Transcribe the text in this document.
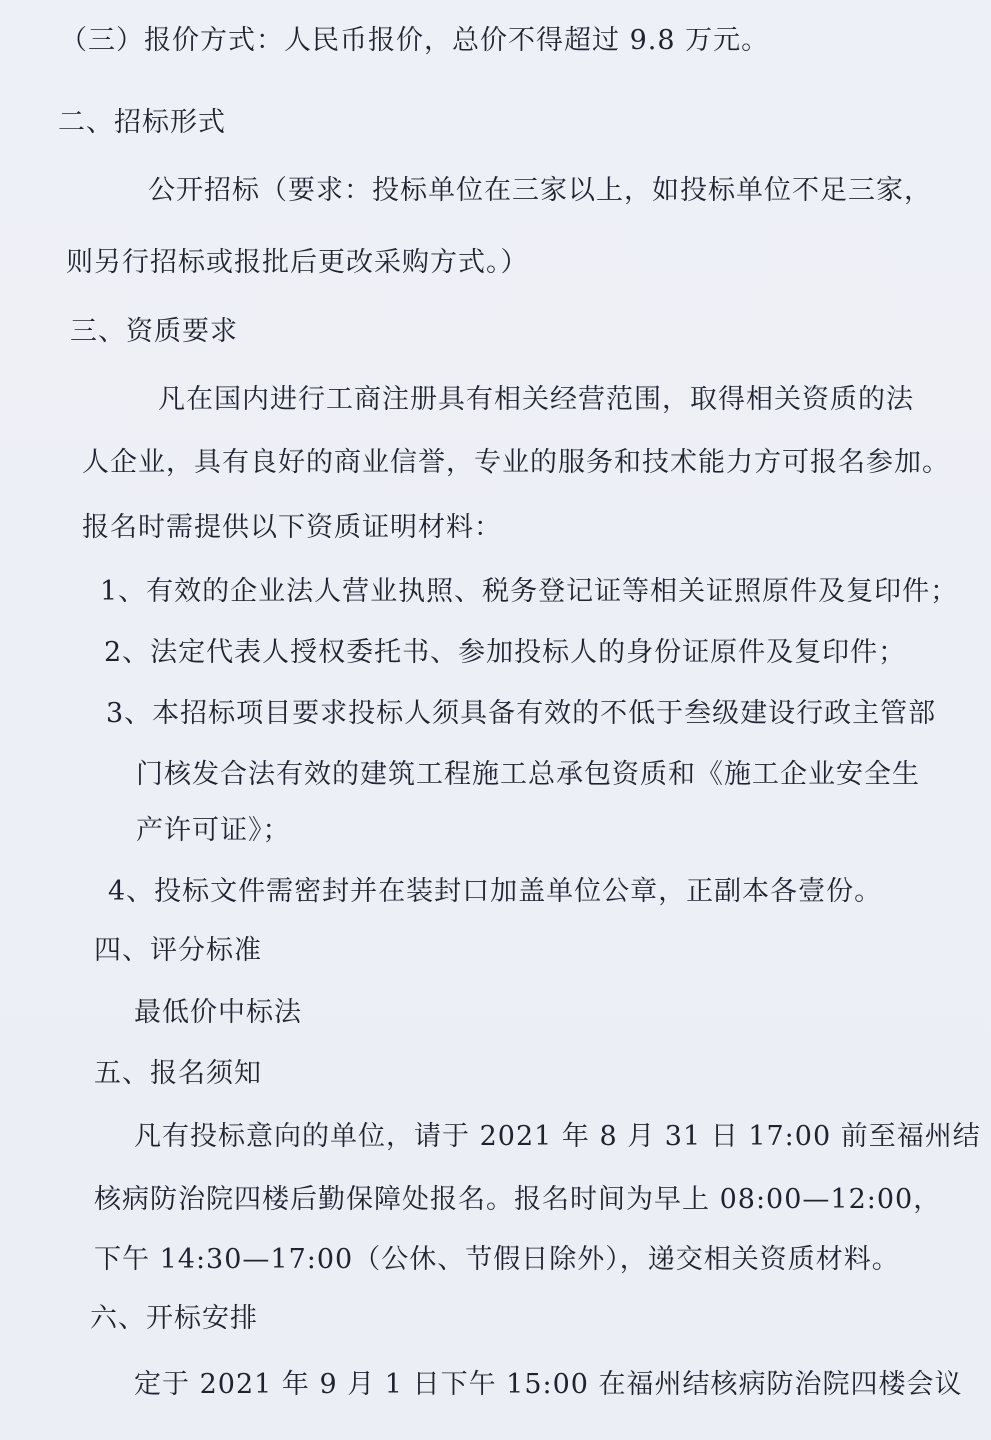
（三）报价方式：人民币报价，总价不得超过 9.8 万元。
二、招标形式
公开招标（要求：投标单位在三家以上，如投标单位不足三家，
则另行招标或报批后更改采购方式。）
三、资质要求
凡在国内进行工商注册具有相关经营范围，取得相关资质的法
人企业，具有良好的商业信誉，专业的服务和技术能力方可报名参加。
报名时需提供以下资质证明材料：
1、有效的企业法人营业执照、税务登记证等相关证照原件及复印件；
2、法定代表人授权委托书、参加投标人的身份证原件及复印件；
3、本招标项目要求投标人须具备有效的不低于叁级建设行政主管部
门核发合法有效的建筑工程施工总承包资质和《施工企业安全生
产许可证》；
4、投标文件需密封并在装封口加盖单位公章，正副本各壹份。
四、评分标准
最低价中标法
五、报名须知
凡有投标意向的单位，请于 2021 年 8 月 31 日 17:00 前至福州结
核病防治院四楼后勤保障处报名。报名时间为早上 08:00—12:00，
下午 14:30—17:00（公休、节假日除外），递交相关资质材料。
六、开标安排
定于 2021 年 9 月 1 日下午 15:00 在福州结核病防治院四楼会议
